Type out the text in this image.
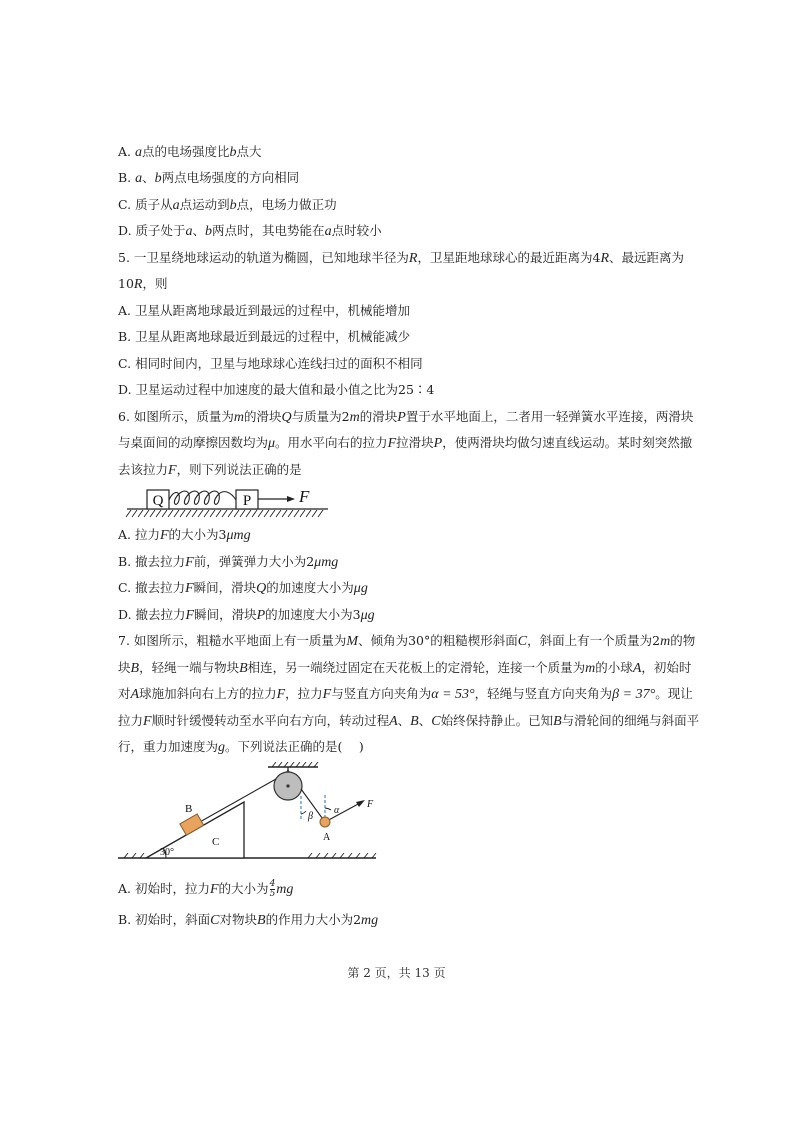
A. a点的电场强度比b点大
B. a、b两点电场强度的方向相同
C. 质子从a点运动到b点，电场力做正功
D. 质子处于a、b两点时，其电势能在a点时较小
5. 一卫星绕地球运动的轨道为椭圆，已知地球半径为R，卫星距地球球心的最近距离为4R、最远距离为
10R，则
A. 卫星从距离地球最近到最远的过程中，机械能增加
B. 卫星从距离地球最近到最远的过程中，机械能减少
C. 相同时间内，卫星与地球球心连线扫过的面积不相同
D. 卫星运动过程中加速度的最大值和最小值之比为25∶4
6. 如图所示，质量为m的滑块Q与质量为2m的滑块P置于水平地面上，二者用一轻弹簧水平连接，两滑块
与桌面间的动摩擦因数均为μ。用水平向右的拉力F拉滑块P，使两滑块均做匀速直线运动。某时刻突然撤
去该拉力F，则下列说法正确的是
Q	P	F
A. 拉力F的大小为3μmg
B. 撤去拉力F前，弹簧弹力大小为2μmg
C. 撤去拉力F瞬间，滑块Q的加速度大小为μg
D. 撤去拉力F瞬间，滑块P的加速度大小为3μg
7. 如图所示，粗糙水平地面上有一质量为M、倾角为30°的粗糙楔形斜面C，斜面上有一个质量为2m的物
块B，轻绳一端与物块B相连，另一端绕过固定在天花板上的定滑轮，连接一个质量为m的小球A，初始时
对A球施加斜向右上方的拉力F，拉力F与竖直方向夹角为α = 53°，轻绳与竖直方向夹角为β = 37°。现让
拉力F顺时针缓慢转动至水平向右方向，转动过程A、B、C始终保持静止。已知B与滑轮间的细绳与斜面平
行，重力加速度为g。下列说法正确的是(　 )
30°
C
B
β
α
F
A
A. 初始时，拉力F的大小为 $\frac{4}{5}$ mg
B. 初始时，斜面C对物块B的作用力大小为2mg
第 2 页，共 13 页
